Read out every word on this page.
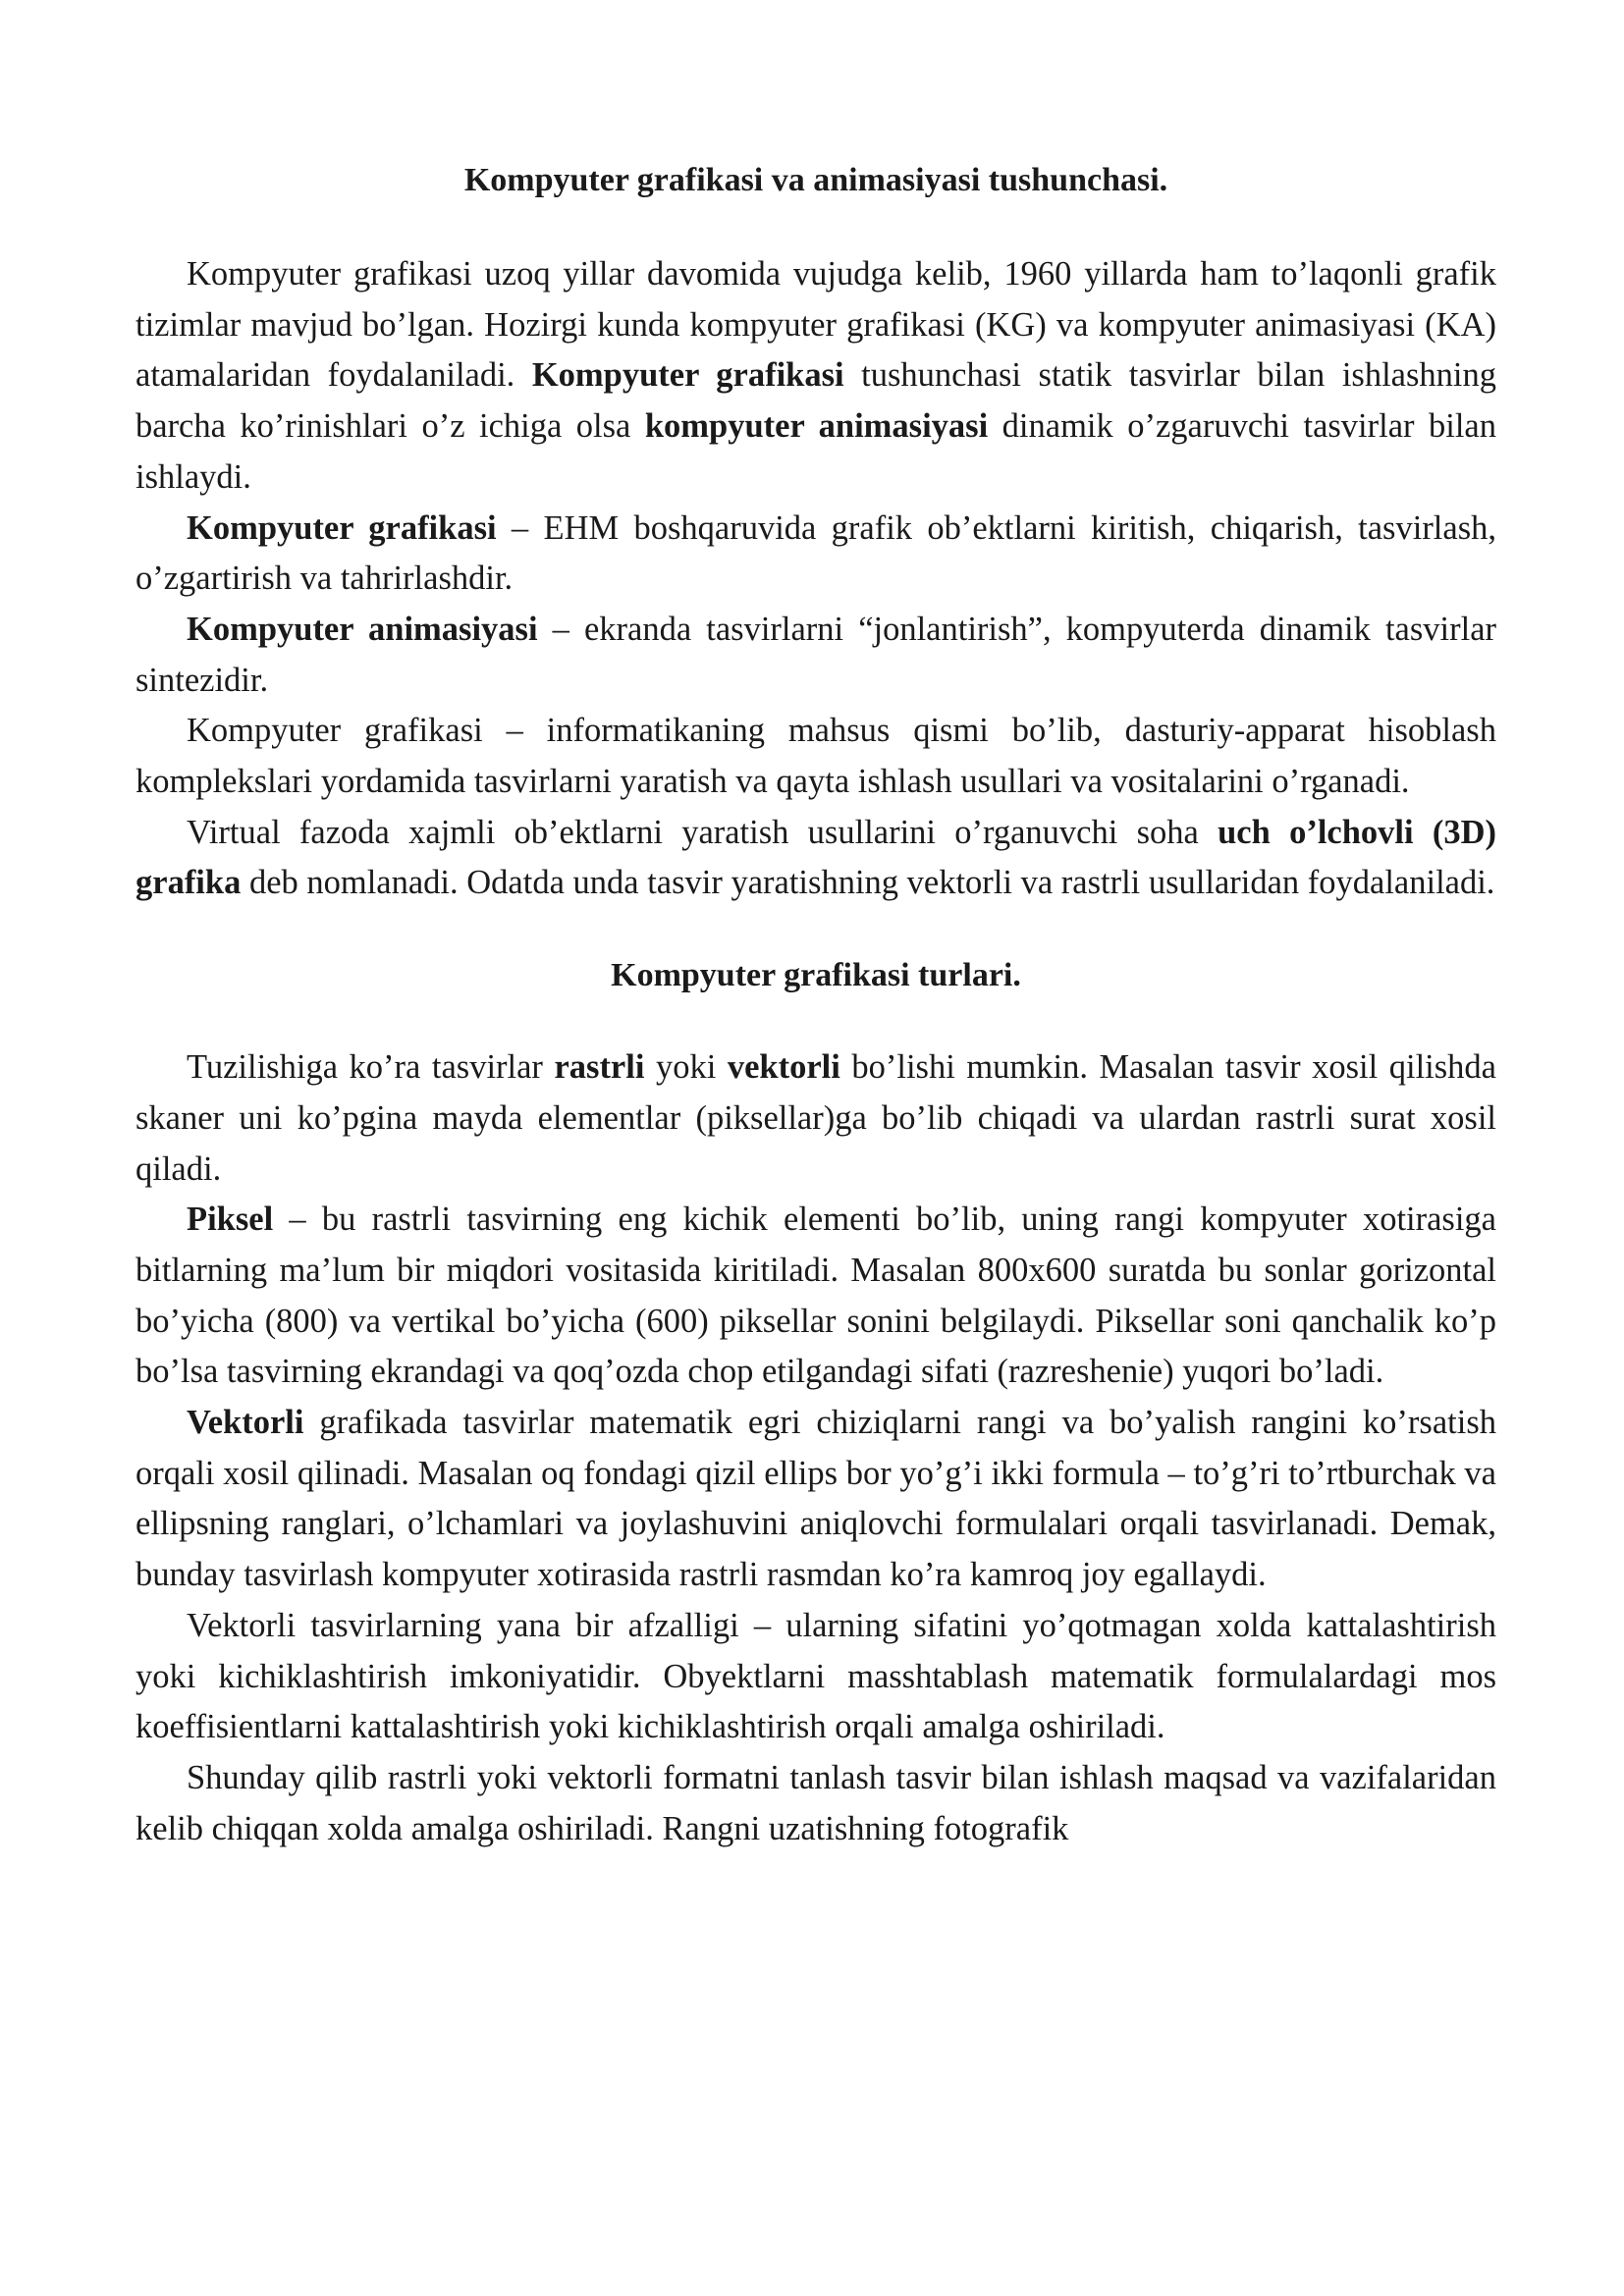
Kompyuter grafikasi va animasiyasi tushunchasi.

Kompyuter grafikasi uzoq yillar davomida vujudga kelib, 1960 yillarda ham to’laqonli grafik tizimlar mavjud bo’lgan. Hozirgi kunda kompyuter grafikasi (KG) va kompyuter animasiyasi (KA) atamalaridan foydalaniladi. Kompyuter grafikasi tushunchasi statik tasvirlar bilan ishlashning barcha ko’rinishlari o’z ichiga olsa kompyuter animasiyasi dinamik o’zgaruvchi tasvirlar bilan ishlaydi.

Kompyuter grafikasi – EHM boshqaruvida grafik ob’ektlarni kiritish, chiqarish, tasvirlash, o’zgartirish va tahrirlashdir.

Kompyuter animasiyasi – ekranda tasvirlarni “jonlantirish”, kompyuterda dinamik tasvirlar sintezidir.

Kompyuter grafikasi – informatikaning mahsus qismi bo’lib, dasturiy-apparat hisoblash komplekslari yordamida tasvirlarni yaratish va qayta ishlash usullari va vositalarini o’rganadi.

Virtual fazoda xajmli ob’ektlarni yaratish usullarini o’rganuvchi soha uch o’lchovli (3D) grafika deb nomlanadi. Odatda unda tasvir yaratishning vektorli va rastrli usullaridan foydalaniladi.

Kompyuter grafikasi turlari.

Tuzilishiga ko’ra tasvirlar rastrli yoki vektorli bo’lishi mumkin. Masalan tasvir xosil qilishda skaner uni ko’pgina mayda elementlar (piksellar)ga bo’lib chiqadi va ulardan rastrli surat xosil qiladi.

Piksel – bu rastrli tasvirning eng kichik elementi bo’lib, uning rangi kompyuter xotirasiga bitlarning ma’lum bir miqdori vositasida kiritiladi. Masalan 800x600 suratda bu sonlar gorizontal bo’yicha (800) va vertikal bo’yicha (600) piksellar sonini belgilaydi. Piksellar soni qanchalik ko’p bo’lsa tasvirning ekrandagi va qoq’ozda chop etilgandagi sifati (razreshenie) yuqori bo’ladi.

Vektorli grafikada tasvirlar matematik egri chiziqlarni rangi va bo’yalish rangini ko’rsatish orqali xosil qilinadi. Masalan oq fondagi qizil ellips bor yo’g’i ikki formula – to’g’ri to’rtburchak va ellipsning ranglari, o’lchamlari va joylashuvini aniqlovchi formulalari orqali tasvirlanadi. Demak, bunday tasvirlash kompyuter xotirasida rastrli rasmdan ko’ra kamroq joy egallaydi.

Vektorli tasvirlarning yana bir afzalligi – ularning sifatini yo’qotmagan xolda kattalashtirish yoki kichiklashtirish imkoniyatidir. Obyektlarni masshtablash matematik formulalardagi mos koeffisientlarni kattalashtirish yoki kichiklashtirish orqali amalga oshiriladi.

Shunday qilib rastrli yoki vektorli formatni tanlash tasvir bilan ishlash maqsad va vazifalaridan kelib chiqqan xolda amalga oshiriladi. Rangni uzatishning fotografik
